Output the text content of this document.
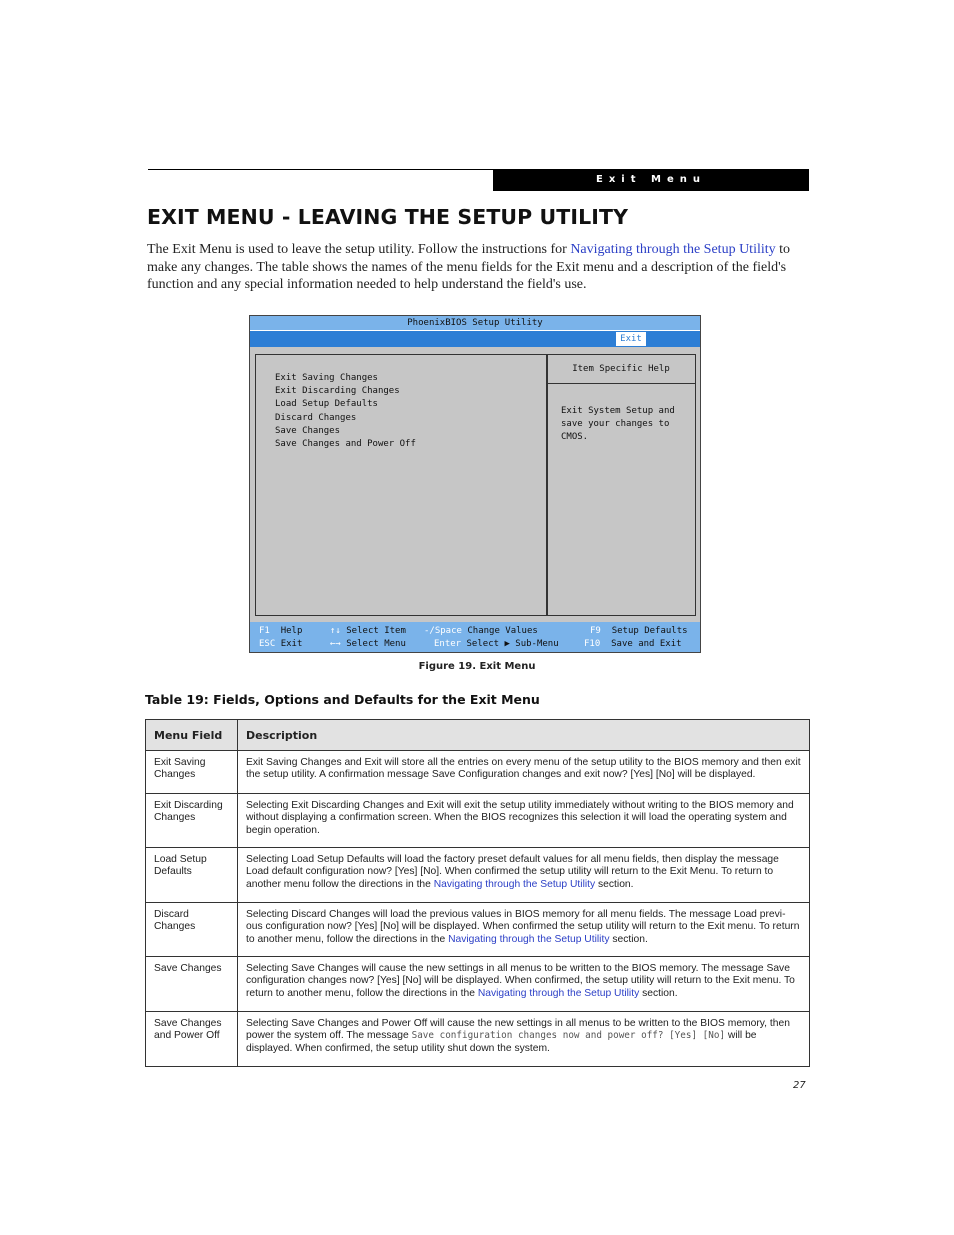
Exit Menu
EXIT MENU - LEAVING THE SETUP UTILITY
The Exit Menu is used to leave the setup utility. Follow the instructions for Navigating through the Setup Utility to make any changes. The table shows the names of the menu fields for the Exit menu and a description of the field's function and any special information needed to help understand the field's use.
PhoenixBIOS Setup Utility
Exit
Exit Saving Changes
Exit Discarding Changes
Load Setup Defaults
Discard Changes
Save Changes
Save Changes and Power Off
Item Specific Help
Exit System Setup and save your changes to CMOS.
F1 Help
ESC Exit
↑↓ Select Item
←→ Select Menu
-/Space Change Values
Enter Select ▶ Sub-Menu
F9 Setup Defaults
F10 Save and Exit
Figure 19. Exit Menu
Table 19: Fields, Options and Defaults for the Exit Menu
Menu Field	Description
Exit Saving Changes	Exit Saving Changes and Exit will store all the entries on every menu of the setup utility to the BIOS memory and then exit the setup utility. A confirmation message Save Configuration changes and exit now? [Yes] [No] will be displayed.
Exit Discarding Changes	Selecting Exit Discarding Changes and Exit will exit the setup utility immediately without writing to the BIOS memory and without displaying a confirmation screen. When the BIOS recognizes this selection it will load the operating system and begin operation.
Load Setup Defaults	Selecting Load Setup Defaults will load the factory preset default values for all menu fields, then display the message Load default configuration now? [Yes] [No]. When confirmed the setup utility will return to the Exit Menu. To return to another menu follow the directions in the Navigating through the Setup Utility section.
Discard Changes	Selecting Discard Changes will load the previous values in BIOS memory for all menu fields. The message Load previ-ous configuration now? [Yes] [No] will be displayed. When confirmed the setup utility will return to the Exit menu. To return to another menu, follow the directions in the Navigating through the Setup Utility section.
Save Changes	Selecting Save Changes will cause the new settings in all menus to be written to the BIOS memory. The message Save configuration changes now? [Yes] [No] will be displayed. When confirmed, the setup utility will return to the Exit menu. To return to another menu, follow the directions in the Navigating through the Setup Utility section.
Save Changes and Power Off	Selecting Save Changes and Power Off will cause the new settings in all menus to be written to the BIOS memory, then power the system off. The message Save configuration changes now and power off? [Yes] [No] will be displayed. When confirmed, the setup utility shut down the system.
27
